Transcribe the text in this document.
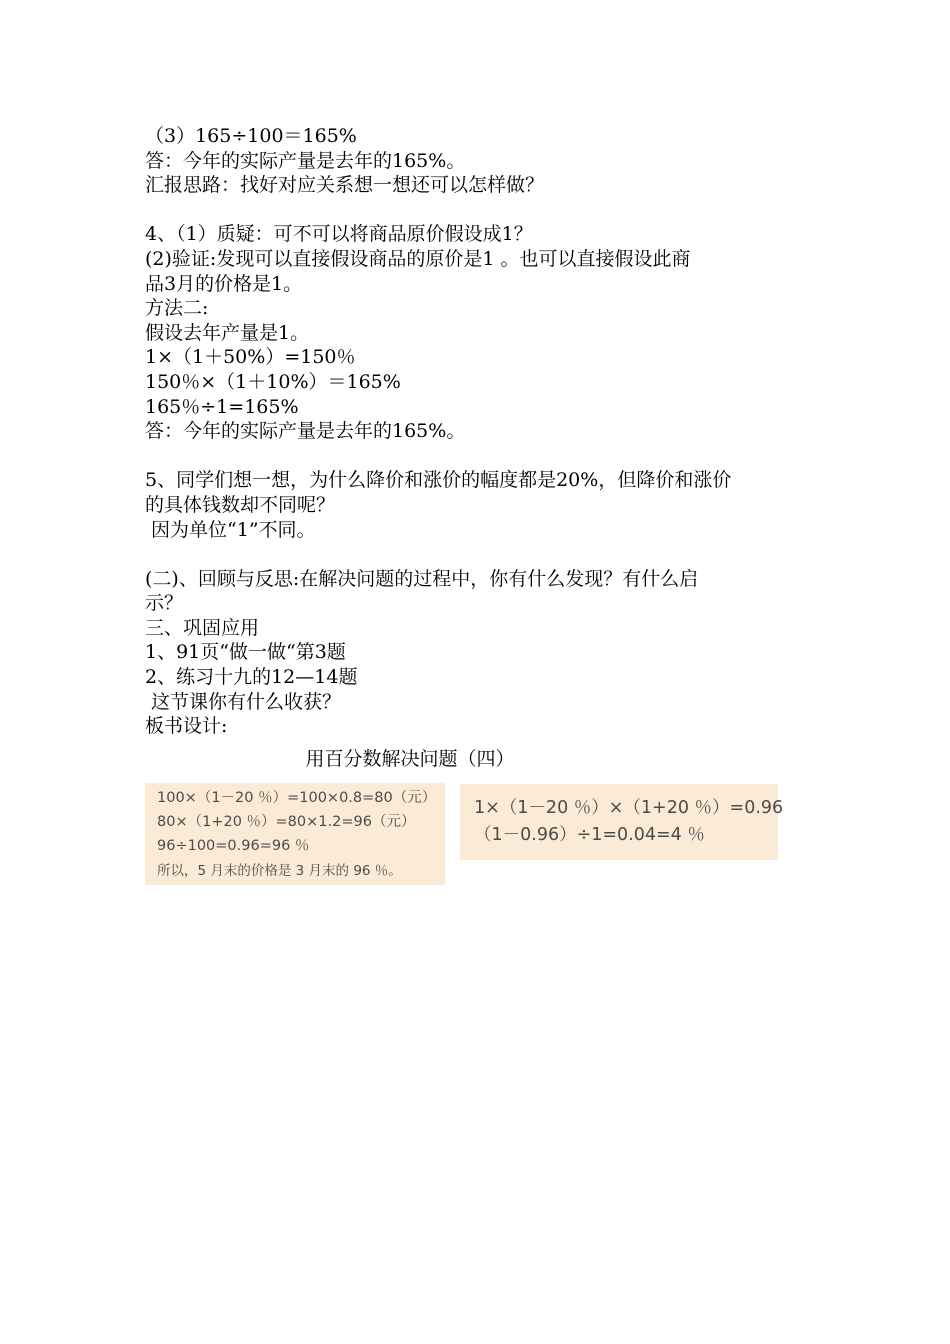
（3）165÷100＝165%

答：今年的实际产量是去年的165%。

汇报思路：找好对应关系想一想还可以怎样做？

4、（1）质疑：可不可以将商品原价假设成1？

(2)验证:发现可以直接假设商品的原价是1 。也可以直接假设此商

品3月的价格是1。

方法二:

假设去年产量是1。

1×（1＋50%）=150％

150％×（1＋10%）＝165%

165％÷1=165%

答：今年的实际产量是去年的165%。

5、同学们想一想，为什么降价和涨价的幅度都是20%，但降价和涨价

的具体钱数却不同呢？

因为单位“1”不同。

(二)、回顾与反思:在解决问题的过程中，你有什么发现？有什么启

示？

三、巩固应用

1、91页“做一做“第3题

2、练习十九的12—14题

这节课你有什么收获？

板书设计:

用百分数解决问题（四）
100×（1－20 ％）=100×0.8=80（元）
80×（1+20 ％）=80×1.2=96（元）
96÷100=0.96=96 ％
所以，5 月末的价格是 3 月末的 96 ％。
1×（1－20 ％）×（1+20 ％）=0.96
（1－0.96）÷1=0.04=4 ％
